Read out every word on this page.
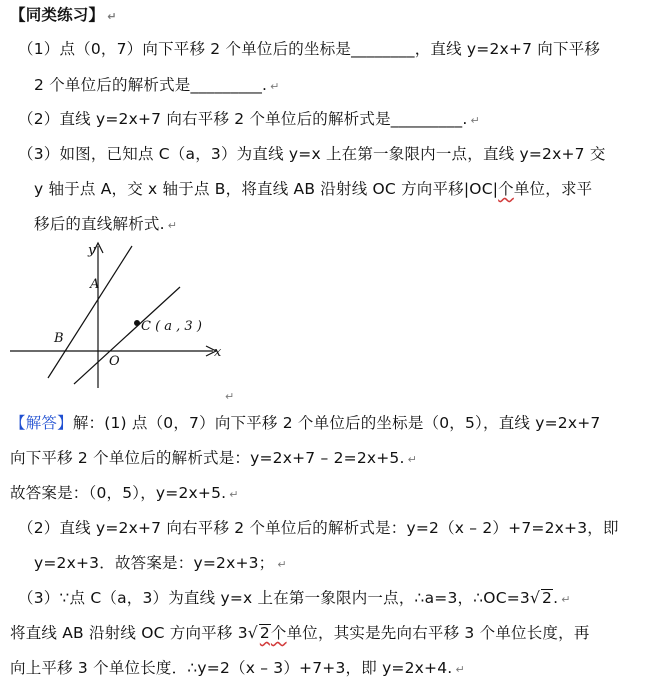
【同类练习】 ↵
（1）点（0，7）向下平移 2 个单位后的坐标是________，直线 y=2x+7 向下平移
2 个单位后的解析式是_________. ↵
（2）直线 y=2x+7 向右平移 2 个单位后的解析式是_________. ↵
（3）如图，已知点 C（a，3）为直线 y=x 上在第一象限内一点，直线 y=2x+7 交
y 轴于点 A，交 x 轴于点 B，将直线 AB 沿射线 OC 方向平移|OC|个单位，求平
移后的直线解析式. ↵
y
x
A
B
O
C ( a , 3 )
↵
【解答】解：(1) 点（0，7）向下平移 2 个单位后的坐标是（0，5），直线 y=2x+7
向下平移 2 个单位后的解析式是：y=2x+7 – 2=2x+5. ↵
故答案是：（0，5），y=2x+5. ↵
（2）直线 y=2x+7 向右平移 2 个单位后的解析式是：y=2（x – 2）+7=2x+3，即
y=2x+3．故答案是：y=2x+3； ↵
（3）∵点 C（a，3）为直线 y=x 上在第一象限内一点，∴a=3，∴OC=3√ 2. ↵
将直线 AB 沿射线 OC 方向平移 3√ 2个单位，其实是先向右平移 3 个单位长度，再
向上平移 3 个单位长度．∴y=2（x – 3）+7+3，即 y=2x+4. ↵
